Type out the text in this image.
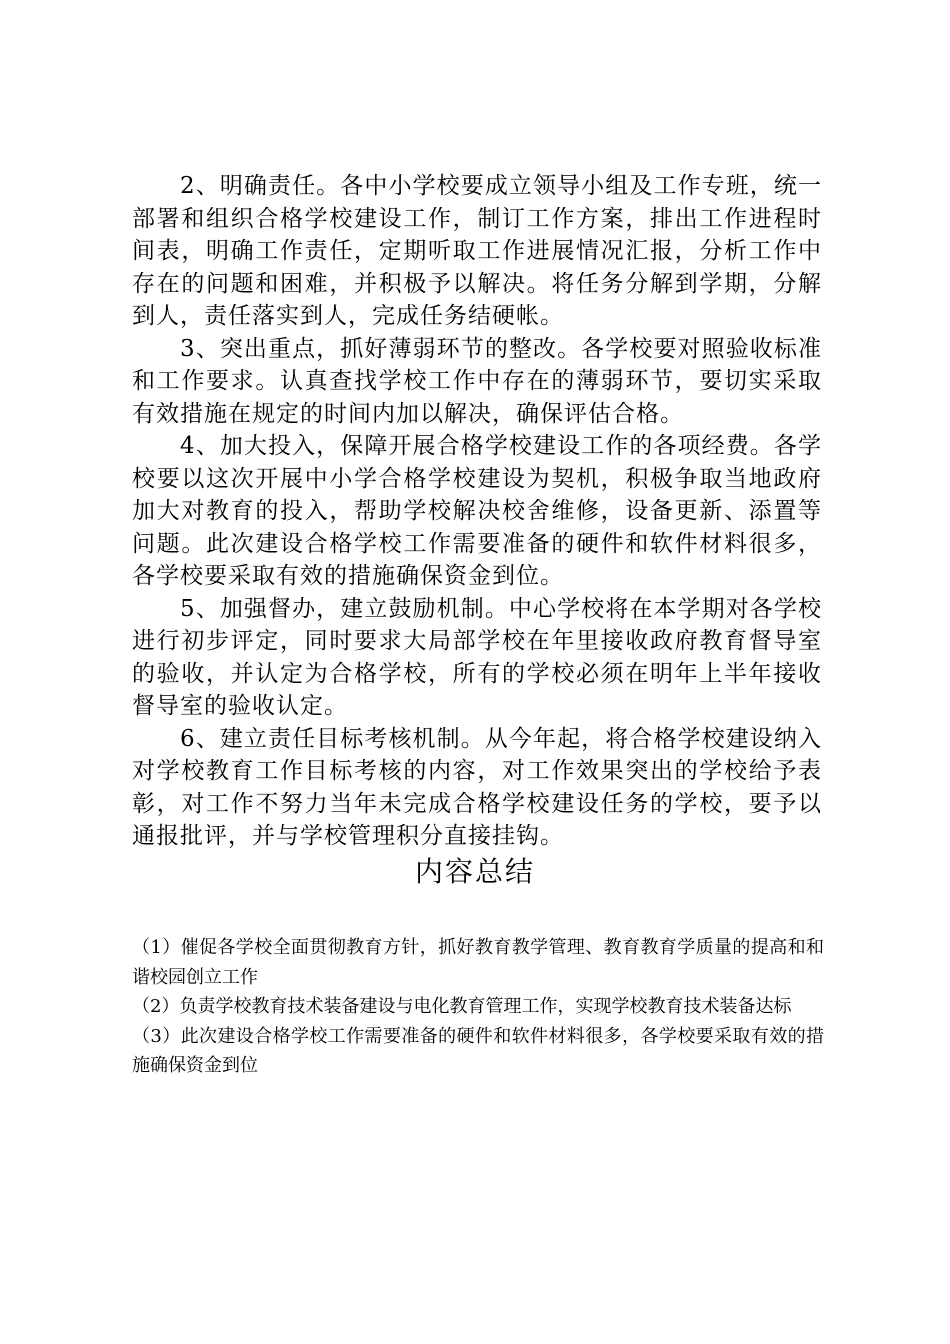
2、明确责任。各中小学校要成立领导小组及工作专班，统一部署和组织合格学校建设工作，制订工作方案，排出工作进程时间表，明确工作责任，定期听取工作进展情况汇报，分析工作中存在的问题和困难，并积极予以解决。将任务分解到学期，分解到人，责任落实到人，完成任务结硬帐。

3、突出重点，抓好薄弱环节的整改。各学校要对照验收标准和工作要求。认真查找学校工作中存在的薄弱环节，要切实采取有效措施在规定的时间内加以解决，确保评估合格。

4、加大投入，保障开展合格学校建设工作的各项经费。各学校要以这次开展中小学合格学校建设为契机，积极争取当地政府加大对教育的投入，帮助学校解决校舍维修，设备更新、添置等问题。此次建设合格学校工作需要准备的硬件和软件材料很多，各学校要采取有效的措施确保资金到位。

5、加强督办，建立鼓励机制。中心学校将在本学期对各学校进行初步评定，同时要求大局部学校在年里接收政府教育督导室的验收，并认定为合格学校，所有的学校必须在明年上半年接收督导室的验收认定。

6、建立责任目标考核机制。从今年起，将合格学校建设纳入对学校教育工作目标考核的内容，对工作效果突出的学校给予表彰，对工作不努力当年未完成合格学校建设任务的学校，要予以通报批评，并与学校管理积分直接挂钩。

内容总结
（1）催促各学校全面贯彻教育方针，抓好教育教学管理、教育教育学质量的提高和和谐校园创立工作
（2）负责学校教育技术装备建设与电化教育管理工作，实现学校教育技术装备达标
（3）此次建设合格学校工作需要准备的硬件和软件材料很多，各学校要采取有效的措施确保资金到位
